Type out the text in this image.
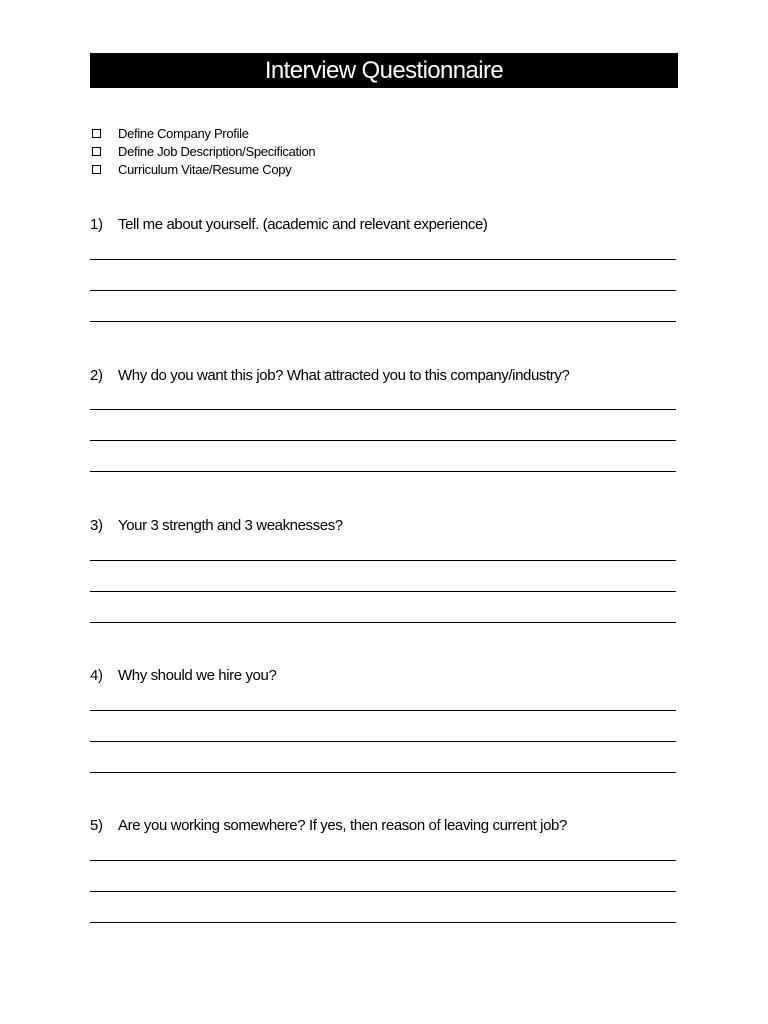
Interview Questionnaire
Define Company Profile
Define Job Description/Specification
Curriculum Vitae/Resume Copy
1)	Tell me about yourself. (academic and relevant experience)
2)	Why do you want this job? What attracted you to this company/industry?
3)	Your 3 strength and 3 weaknesses?
4)	Why should we hire you?
5)	Are you working somewhere? If yes, then reason of leaving current job?
